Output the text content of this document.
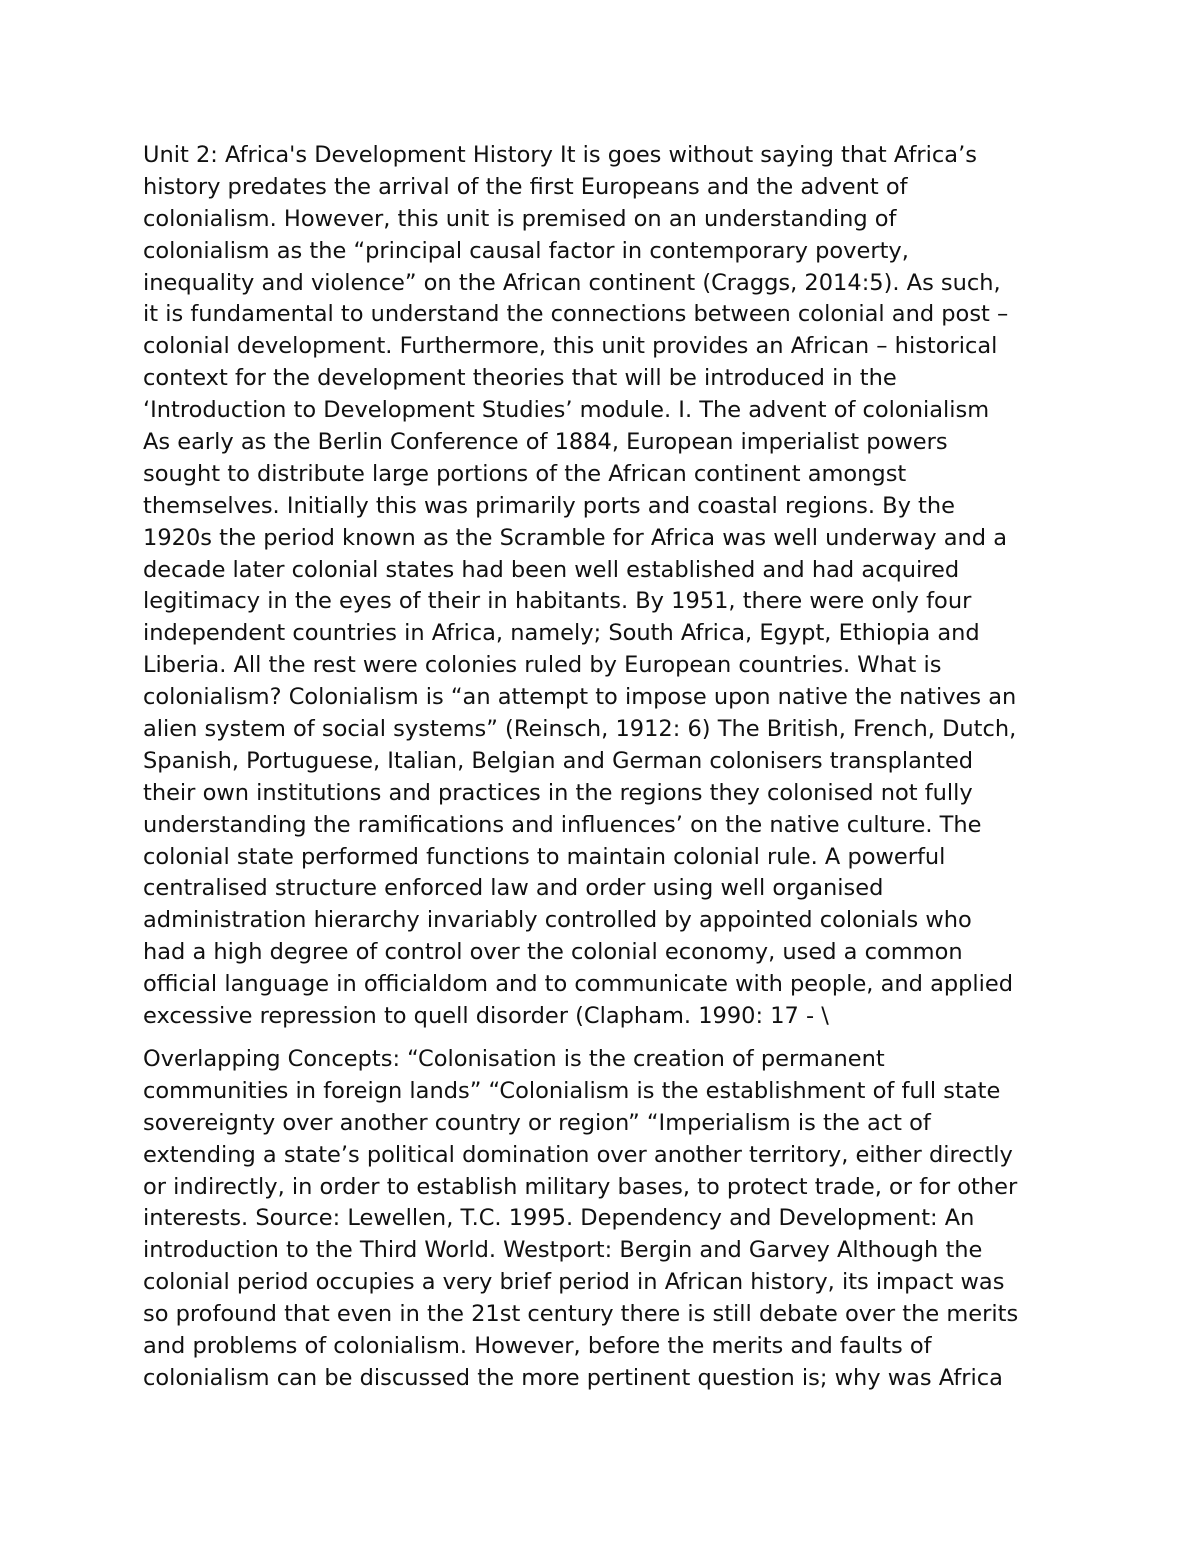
Unit 2: Africa's Development History It is goes without saying that Africa’s
history predates the arrival of the first Europeans and the advent of
colonialism. However, this unit is premised on an understanding of
colonialism as the “principal causal factor in contemporary poverty,
inequality and violence” on the African continent (Craggs, 2014:5). As such,
it is fundamental to understand the connections between colonial and post –
colonial development. Furthermore, this unit provides an African – historical
context for the development theories that will be introduced in the
‘Introduction to Development Studies’ module. I. The advent of colonialism
As early as the Berlin Conference of 1884, European imperialist powers
sought to distribute large portions of the African continent amongst
themselves. Initially this was primarily ports and coastal regions. By the
1920s the period known as the Scramble for Africa was well underway and a
decade later colonial states had been well established and had acquired
legitimacy in the eyes of their in habitants. By 1951, there were only four
independent countries in Africa, namely; South Africa, Egypt, Ethiopia and
Liberia. All the rest were colonies ruled by European countries. What is
colonialism? Colonialism is “an attempt to impose upon native the natives an
alien system of social systems” (Reinsch, 1912: 6) The British, French, Dutch,
Spanish, Portuguese, Italian, Belgian and German colonisers transplanted
their own institutions and practices in the regions they colonised not fully
understanding the ramifications and influences’ on the native culture. The
colonial state performed functions to maintain colonial rule. A powerful
centralised structure enforced law and order using well organised
administration hierarchy invariably controlled by appointed colonials who
had a high degree of control over the colonial economy, used a common
official language in officialdom and to communicate with people, and applied
excessive repression to quell disorder (Clapham. 1990: 17 - \
Overlapping Concepts: “Colonisation is the creation of permanent
communities in foreign lands” “Colonialism is the establishment of full state
sovereignty over another country or region” “Imperialism is the act of
extending a state’s political domination over another territory, either directly
or indirectly, in order to establish military bases, to protect trade, or for other
interests. Source: Lewellen, T.C. 1995. Dependency and Development: An
introduction to the Third World. Westport: Bergin and Garvey Although the
colonial period occupies a very brief period in African history, its impact was
so profound that even in the 21st century there is still debate over the merits
and problems of colonialism. However, before the merits and faults of
colonialism can be discussed the more pertinent question is; why was Africa
